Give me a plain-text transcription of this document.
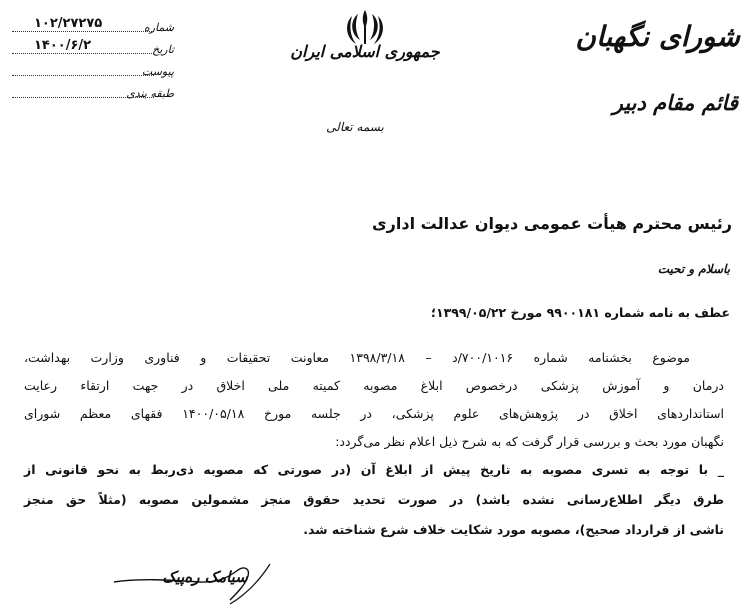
۱۰۲/۲۷۲۷۵	شماره
۱۴۰۰/۶/۲	تاریخ
پیوست
طبقه بندی
جمهوری اسلامی ایران
بسمه تعالی
شورای نگهبان
قائم مقام دبیر
رئیس محترم هیأت عمومی دیوان عدالت اداری
باسلام و تحیت
عطف به نامه شماره ۹۹۰۰۱۸۱ مورخ ۱۳۹۹/۰۵/۲۲؛
موضوع بخشنامه شماره ۷۰۰/۱۰۱۶/د – ۱۳۹۸/۳/۱۸ معاونت تحقیقات و فناوری وزارت بهداشت،
درمان و آموزش پزشکی درخصوص ابلاغ مصوبه کمیته ملی اخلاق در جهت ارتقاء رعایت
استانداردهای اخلاق در پژوهش‌های علوم پزشکی، در جلسه مورخ ۱۴۰۰/۰۵/۱۸ فقهای معظم شورای
نگهبان مورد بحث و بررسی قرار گرفت که به شرح ذیل اعلام نظر می‌گردد:
_ با توجه به تسری مصوبه به تاریخ پیش از ابلاغ آن (در صورتی که مصوبه ذی‌ربط به نحو قانونی از
طرق دیگر اطلاع‌رسانی نشده باشد) در صورت تحدید حقوق منجز مشمولین مصوبه (مثلاً حق منجز
ناشی از قرارداد صحیح)، مصوبه مورد شکایت خلاف شرع شناخته شد.
سیامک ره‌پیک
